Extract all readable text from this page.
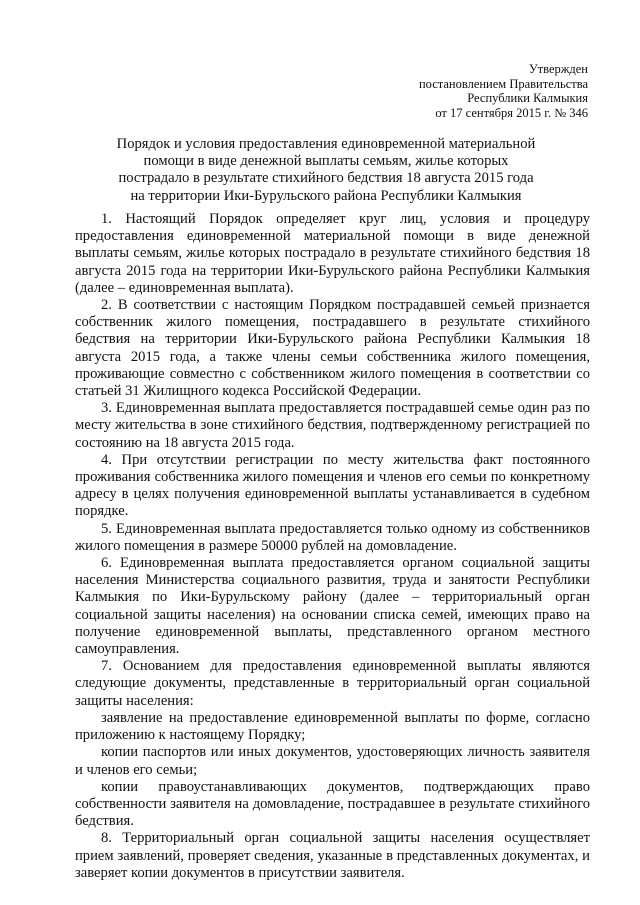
Утвержден
постановлением Правительства
Республики Калмыкия
от 17 сентября 2015 г. № 346
Порядок и условия предоставления единовременной материальной
помощи в виде денежной выплаты семьям, жилье которых
пострадало в результате стихийного бедствия 18 августа 2015 года
на территории Ики-Бурульского района Республики Калмыкия

1. Настоящий Порядок определяет круг лиц, условия и процедуру предоставления единовременной материальной помощи в виде денежной выплаты семьям, жилье которых пострадало в результате стихийного бедствия 18 августа 2015 года на территории Ики-Бурульского района Республики Калмыкия (далее – единовременная выплата).

2. В соответствии с настоящим Порядком пострадавшей семьей признается собственник жилого помещения, пострадавшего в результате стихийного бедствия на территории Ики-Бурульского района Республики Калмыкия 18 августа 2015 года, а также члены семьи собственника жилого помещения, проживающие совместно с собственником жилого помещения в соответствии со статьей 31 Жилищного кодекса Российской Федерации.

3. Единовременная выплата предоставляется пострадавшей семье один раз по месту жительства в зоне стихийного бедствия, подтвержденному регистрацией по состоянию на 18 августа 2015 года.

4. При отсутствии регистрации по месту жительства факт постоянного проживания собственника жилого помещения и членов его семьи по конкретному адресу в целях получения единовременной выплаты устанавливается в судебном порядке.

5. Единовременная выплата предоставляется только одному из собственников жилого помещения в размере 50000 рублей на домовладение.

6. Единовременная выплата предоставляется органом социальной защиты населения Министерства социального развития, труда и занятости Республики Калмыкия по Ики-Бурульскому району (далее – территориальный орган социальной защиты населения) на основании списка семей, имеющих право на получение единовременной выплаты, представленного органом местного самоуправления.

7. Основанием для предоставления единовременной выплаты являются следующие документы, представленные в территориальный орган социальной защиты населения:

заявление на предоставление единовременной выплаты по форме, согласно приложению к настоящему Порядку;

копии паспортов или иных документов, удостоверяющих личность заявителя и членов его семьи;

копии правоустанавливающих документов, подтверждающих право собственности заявителя на домовладение, пострадавшее в результате стихийного бедствия.

8. Территориальный орган социальной защиты населения осуществляет прием заявлений, проверяет сведения, указанные в представленных документах, и заверяет копии документов в присутствии заявителя.
